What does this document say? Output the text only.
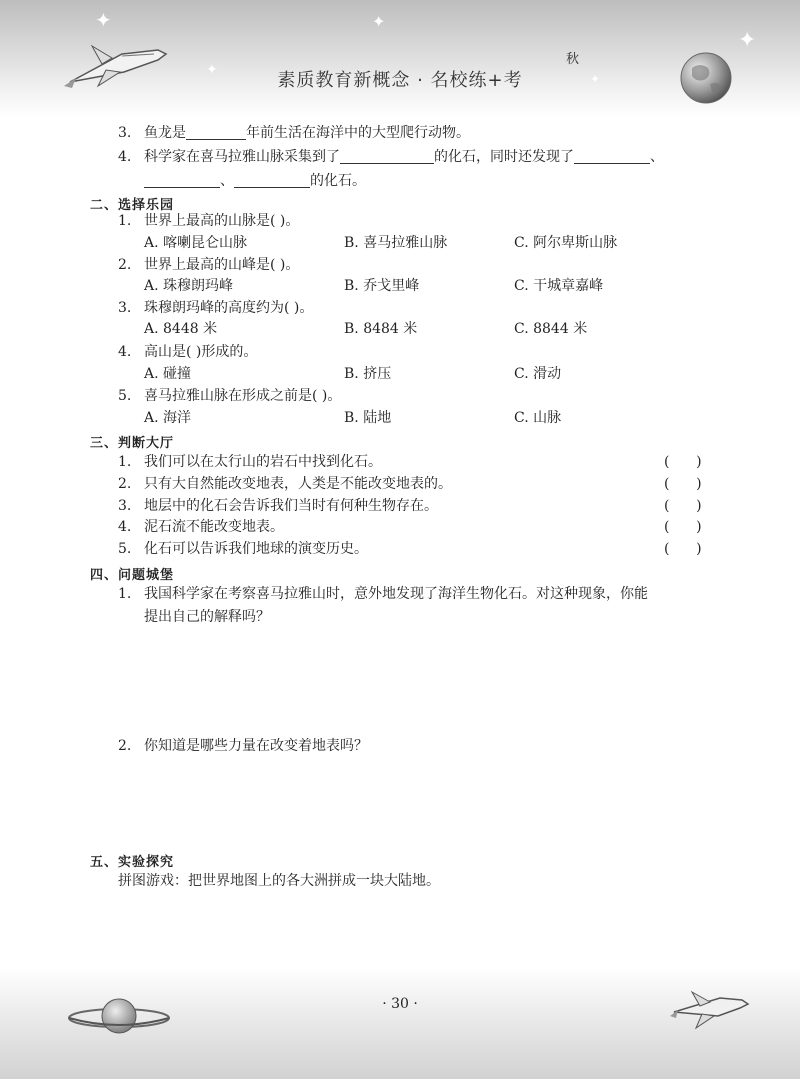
✦
✦
✦
✦
✦
秋
素质教育新概念 · 名校练+考
3. 鱼龙是	年前生活在海洋中的大型爬行动物。
4. 科学家在喜马拉雅山脉采集到了	的化石，同时还发现了	、
、	的化石。
二、选择乐园
1. 世界上最高的山脉是( )。
A. 喀喇昆仑山脉	B. 喜马拉雅山脉	C. 阿尔卑斯山脉
2. 世界上最高的山峰是( )。
A. 珠穆朗玛峰	B. 乔戈里峰	C. 干城章嘉峰
3. 珠穆朗玛峰的高度约为( )。
A. 8448 米	B. 8484 米	C. 8844 米
4. 高山是( )形成的。
A. 碰撞	B. 挤压	C. 滑动
5. 喜马拉雅山脉在形成之前是( )。
A. 海洋	B. 陆地	C. 山脉
三、判断大厅
1. 我们可以在太行山的岩石中找到化石。	(      )
2. 只有大自然能改变地表，人类是不能改变地表的。	(      )
3. 地层中的化石会告诉我们当时有何种生物存在。	(      )
4. 泥石流不能改变地表。	(      )
5. 化石可以告诉我们地球的演变历史。	(      )
四、问题城堡
1. 我国科学家在考察喜马拉雅山时，意外地发现了海洋生物化石。对这种现象，你能
提出自己的解释吗？
2. 你知道是哪些力量在改变着地表吗？
五、实验探究
拼图游戏：把世界地图上的各大洲拼成一块大陆地。
· 30 ·
